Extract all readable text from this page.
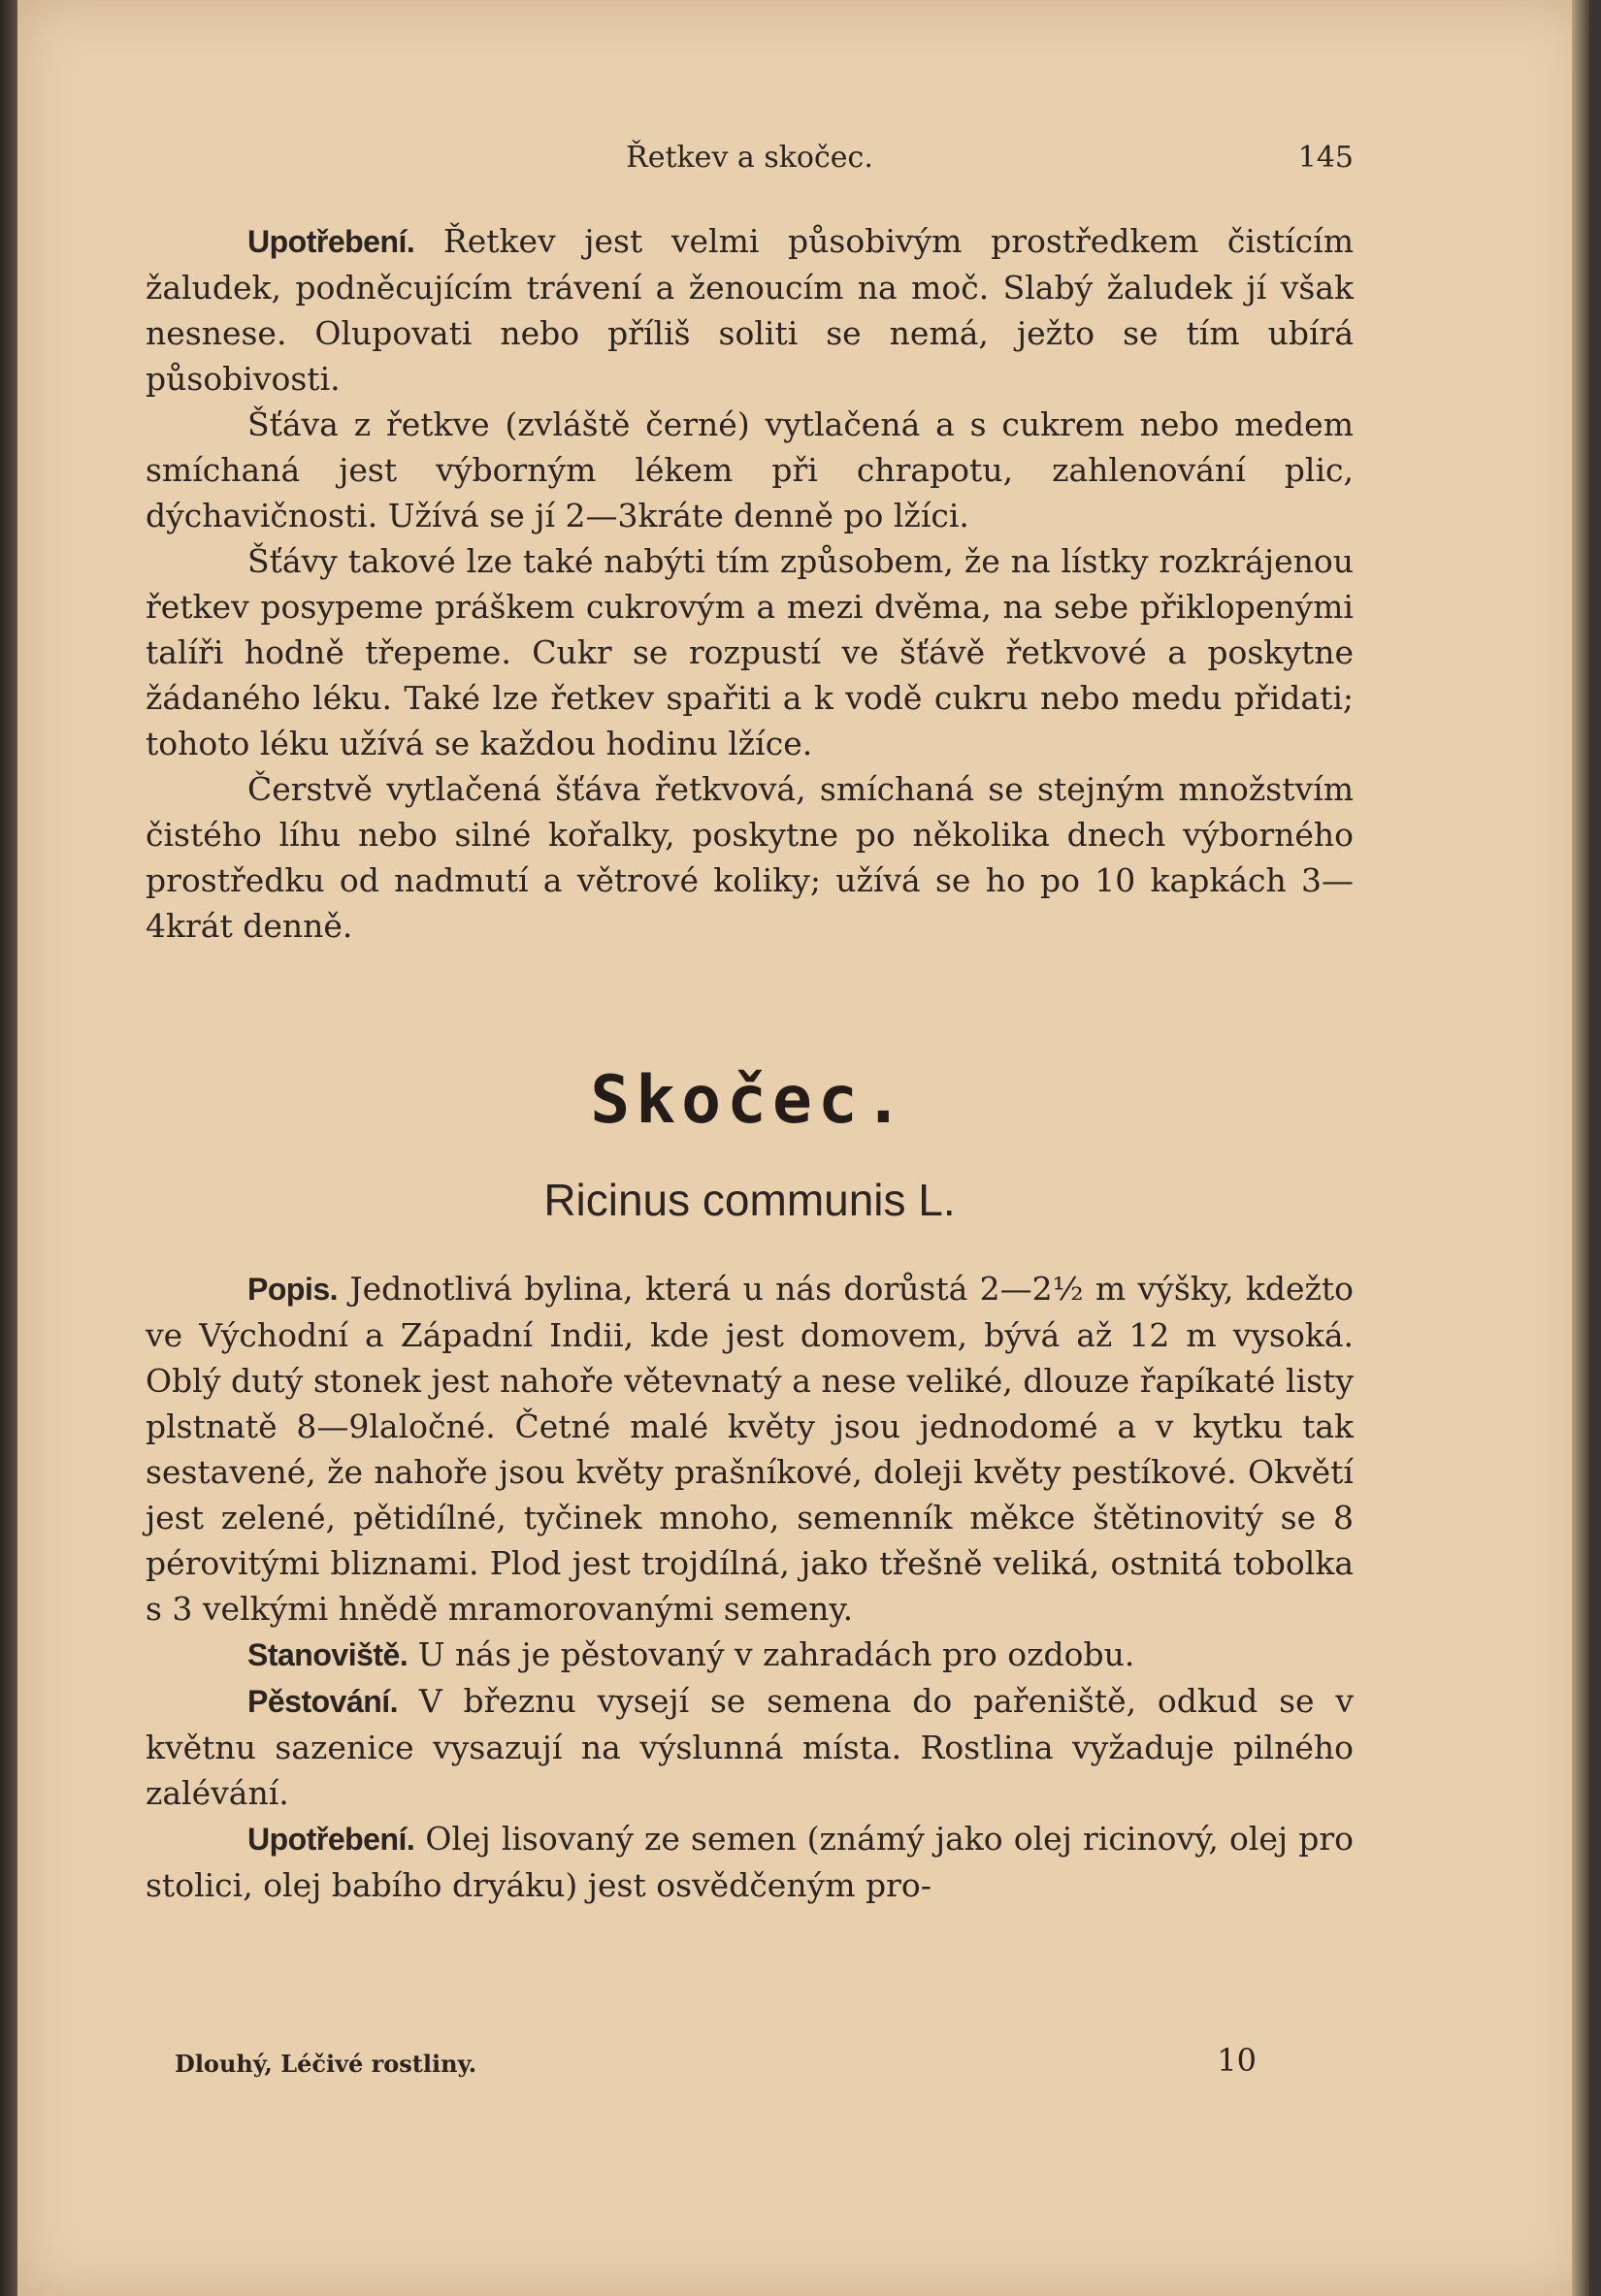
Řetkev a skočec.	145

Upotřebení. Řetkev jest velmi působivým prostředkem čistícím žaludek, podněcujícím trávení a ženoucím na moč. Slabý žaludek jí však nesnese. Olupovati nebo příliš soliti se nemá, ježto se tím ubírá působivosti.

Šťáva z řetkve (zvláště černé) vytlačená a s cukrem nebo medem smíchaná jest výborným lékem při chrapotu, zahlenování plic, dýchavičnosti. Užívá se jí 2—3kráte denně po lžíci.

Šťávy takové lze také nabýti tím způsobem, že na lístky rozkrájenou řetkev posypeme práškem cukrovým a mezi dvěma, na sebe přiklopenými talíři hodně třepeme. Cukr se rozpustí ve šťávě řetkvové a poskytne žádaného léku. Také lze řetkev spařiti a k vodě cukru nebo medu přidati; tohoto léku užívá se každou hodinu lžíce.

Čerstvě vytlačená šťáva řetkvová, smíchaná se stejným množstvím čistého líhu nebo silné kořalky, poskytne po několika dnech výborného prostředku od nadmutí a větrové koliky; užívá se ho po 10 kapkách 3—4krát denně.

Skočec.
Ricinus communis L.

Popis. Jednotlivá bylina, která u nás dorůstá 2—2½ m výšky, kdežto ve Východní a Západní Indii, kde jest domovem, bývá až 12 m vysoká. Oblý dutý stonek jest nahoře větevnatý a nese veliké, dlouze řapíkaté listy plstnatě 8—9laločné. Četné malé květy jsou jednodomé a v kytku tak sestavené, že nahoře jsou květy prašníkové, doleji květy pestíkové. Okvětí jest zelené, pětidílné, tyčinek mnoho, semenník měkce štětinovitý se 8 pérovitými bliznami. Plod jest trojdílná, jako třešně veliká, ostnitá tobolka s 3 velkými hnědě mramorovanými semeny.

Stanoviště. U nás je pěstovaný v zahradách pro ozdobu.

Pěstování. V březnu vysejí se semena do pařeniště, odkud se v květnu sazenice vysazují na výslunná místa. Rostlina vyžaduje pilného zalévání.

Upotřebení. Olej lisovaný ze semen (známý jako olej ricinový, olej pro stolici, olej babího dryáku) jest osvědčeným pro-

Dlouhý, Léčivé rostliny.	10
